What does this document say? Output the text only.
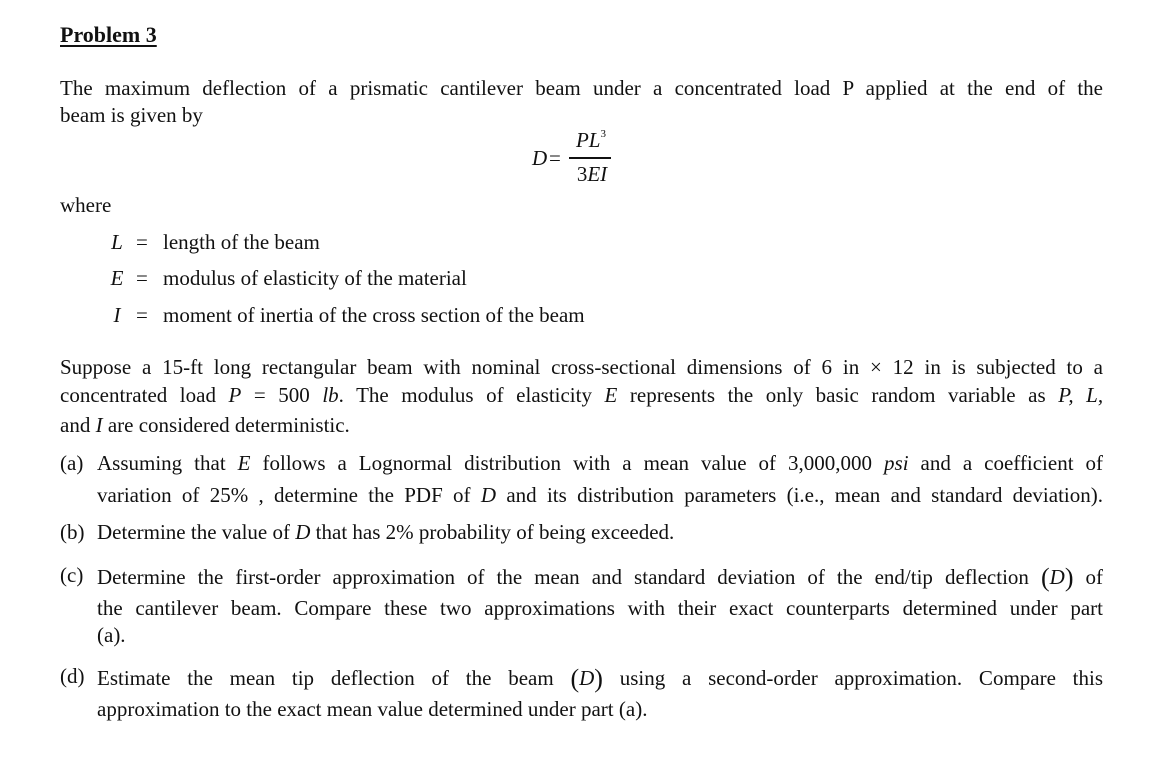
Problem 3
The maximum deflection of a prismatic cantilever beam under a concentrated load P applied at the end of the
beam is given by
D =
$PL^3$
3EI
where
L = length of the beam
E = modulus of elasticity of the material
I = moment of inertia of the cross section of the beam
Suppose a 15-ft long rectangular beam with nominal cross-sectional dimensions of 6 in × 12 in is subjected to a
concentrated load P = 500 lb. The modulus of elasticity E represents the only basic random variable as P, L,
and I are considered deterministic.
(a) Assuming that E follows a Lognormal distribution with a mean value of 3,000,000 psi and a coefficient of
variation of 25% , determine the PDF of D and its distribution parameters (i.e., mean and standard deviation).
(b) Determine the value of D that has 2% probability of being exceeded.
(c) Determine the first-order approximation of the mean and standard deviation of the end/tip deflection (D) of
the cantilever beam. Compare these two approximations with their exact counterparts determined under part
(a).
(d) Estimate the mean tip deflection of the beam (D) using a second-order approximation. Compare this
approximation to the exact mean value determined under part (a).
